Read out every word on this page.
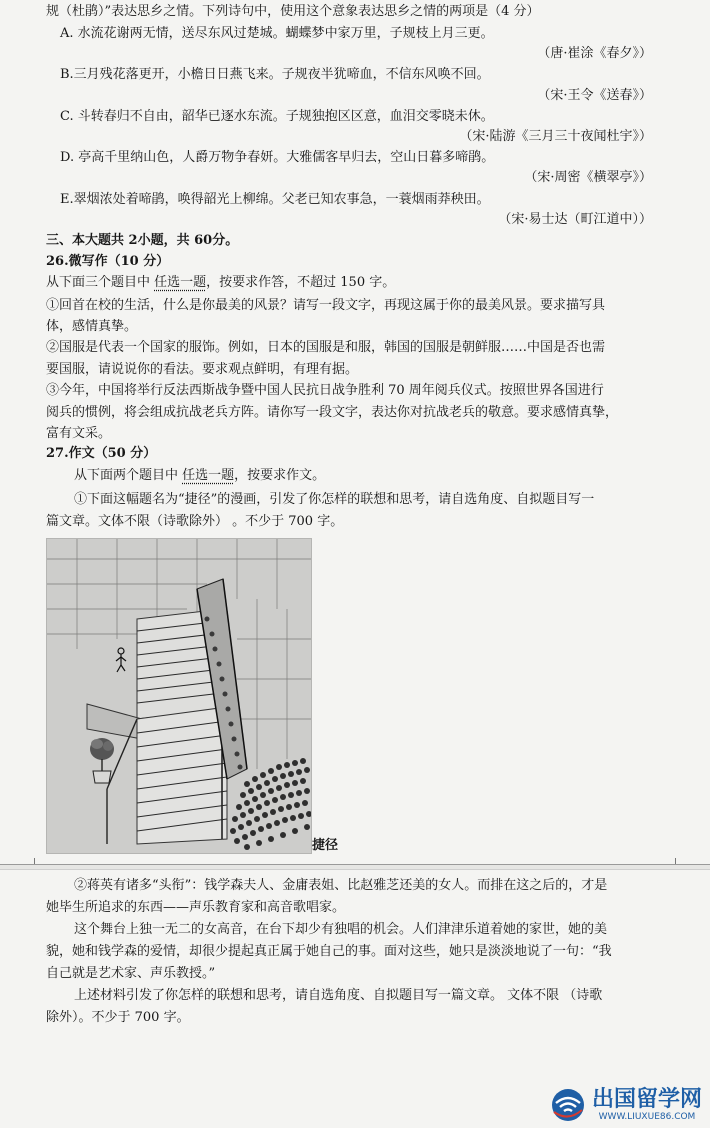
规（杜鹃）”表达思乡之情。下列诗句中，使用这个意象表达思乡之情的两项是（4 分）
A. 水流花谢两无情，送尽东风过楚城。蝴蝶梦中家万里，子规枝上月三更。
（唐·崔涂《春夕》）
B.三月残花落更开，小檐日日燕飞来。子规夜半犹啼血，不信东风唤不回。
（宋·王令《送春》）
C. 斗转春归不自由，韶华已逐水东流。子规独抱区区意，血泪交零晓未休。
（宋·陆游《三月三十夜闻杜宇》）
D. 亭高千里纳山色，人爵万物争春妍。大雅儒客早归去，空山日暮多啼鹃。
（宋·周密《横翠亭》）
E.翠烟浓处着啼鹃，唤得韶光上柳绵。父老已知农事急，一蓑烟雨莽秧田。
（宋·易士达（町江道中））
三、本大题共 2小题，共 60分。
26.微写作（10 分）
从下面三个题目中 任选一题，按要求作答，不超过 150 字。
①回首在校的生活，什么是你最美的风景？请写一段文字，再现这属于你的最美风景。要求描写具
体，感情真挚。
②国服是代表一个国家的服饰。例如，日本的国服是和服，韩国的国服是朝鲜服……中国是否也需
要国服，请说说你的看法。要求观点鲜明，有理有据。
③今年，中国将举行反法西斯战争暨中国人民抗日战争胜利 70 周年阅兵仪式。按照世界各国进行
阅兵的惯例，将会组成抗战老兵方阵。请你写一段文字，表达你对抗战老兵的敬意。要求感情真挚，
富有文采。
27.作文（50 分）
从下面两个题目中 任选一题，按要求作文。
①下面这幅题名为“捷径”的漫画，引发了你怎样的联想和思考，请自选角度、自拟题目写一
篇文章。文体不限（诗歌除外） 。不少于 700 字。
捷径
②蒋英有诸多“头衔”：钱学森夫人、金庸表姐、比赵雅芝还美的女人。而排在这之后的，才是
她毕生所追求的东西——声乐教育家和高音歌唱家。
这个舞台上独一无二的女高音，在台下却少有独唱的机会。人们津津乐道着她的家世，她的美
貌，她和钱学森的爱情，却很少提起真正属于她自己的事。面对这些，她只是淡淡地说了一句：“我
自己就是艺术家、声乐教授。”
上述材料引发了你怎样的联想和思考，请自选角度、自拟题目写一篇文章。 文体不限 （诗歌
除外）。不少于 700 字。
出国留学网
WWW.LIUXUE86.COM
